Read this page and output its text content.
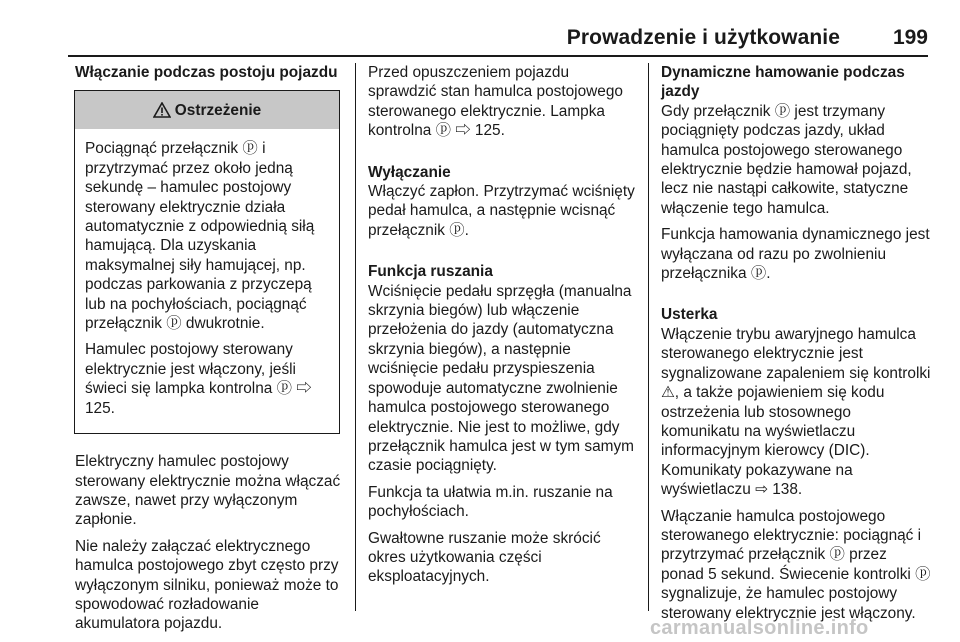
Prowadzenie i użytkowanie	199
Włączanie podczas postoju pojazdu
Ostrzeżenie

Pociągnąć przełącznik ⓟ i przytrzymać przez około jedną sekundę – hamulec postojowy sterowany elektrycznie działa automatycznie z odpowiednią siłą hamującą. Dla uzyskania maksymalnej siły hamującej, np. podczas parkowania z przyczepą lub na pochyłościach, pociągnąć przełącznik ⓟ dwukrotnie.

Hamulec postojowy sterowany elektrycznie jest włączony, jeśli świeci się lampka kontrolna ⓟ ⇨ 125.

Elektryczny hamulec postojowy sterowany elektrycznie można włączać zawsze, nawet przy wyłączonym zapłonie.

Nie należy załączać elektrycznego hamulca postojowego zbyt często przy wyłączonym silniku, ponieważ może to spowodować rozładowanie akumulatora pojazdu.

Przed opuszczeniem pojazdu sprawdzić stan hamulca postojowego sterowanego elektrycznie. Lampka kontrolna ⓟ ⇨ 125.

Wyłączanie

Włączyć zapłon. Przytrzymać wciśnięty pedał hamulca, a następnie wcisnąć przełącznik ⓟ.

Funkcja ruszania

Wciśnięcie pedału sprzęgła (manualna skrzynia biegów) lub włączenie przełożenia do jazdy (automatyczna skrzynia biegów), a następnie wciśnięcie pedału przyspieszenia spowoduje automatyczne zwolnienie hamulca postojowego sterowanego elektrycznie. Nie jest to możliwe, gdy przełącznik hamulca jest w tym samym czasie pociągnięty.

Funkcja ta ułatwia m.in. ruszanie na pochyłościach.

Gwałtowne ruszanie może skrócić okres użytkowania części eksploatacyjnych.

Dynamiczne hamowanie podczas jazdy

Gdy przełącznik ⓟ jest trzymany pociągnięty podczas jazdy, układ hamulca postojowego sterowanego elektrycznie będzie hamował pojazd, lecz nie nastąpi całkowite, statyczne włączenie tego hamulca.

Funkcja hamowania dynamicznego jest wyłączana od razu po zwolnieniu przełącznika ⓟ.

Usterka

Włączenie trybu awaryjnego hamulca sterowanego elektrycznie jest sygnalizowane zapaleniem się kontrolki ⚠, a także pojawieniem się kodu ostrzeżenia lub stosownego komunikatu na wyświetlaczu informacyjnym kierowcy (DIC). Komunikaty pokazywane na wyświetlaczu ⇨ 138.

Włączanie hamulca postojowego sterowanego elektrycznie: pociągnąć i przytrzymać przełącznik ⓟ przez ponad 5 sekund. Świecenie kontrolki ⓟ sygnalizuje, że hamulec postojowy sterowany elektrycznie jest włączony.

carmanualsonline.info
